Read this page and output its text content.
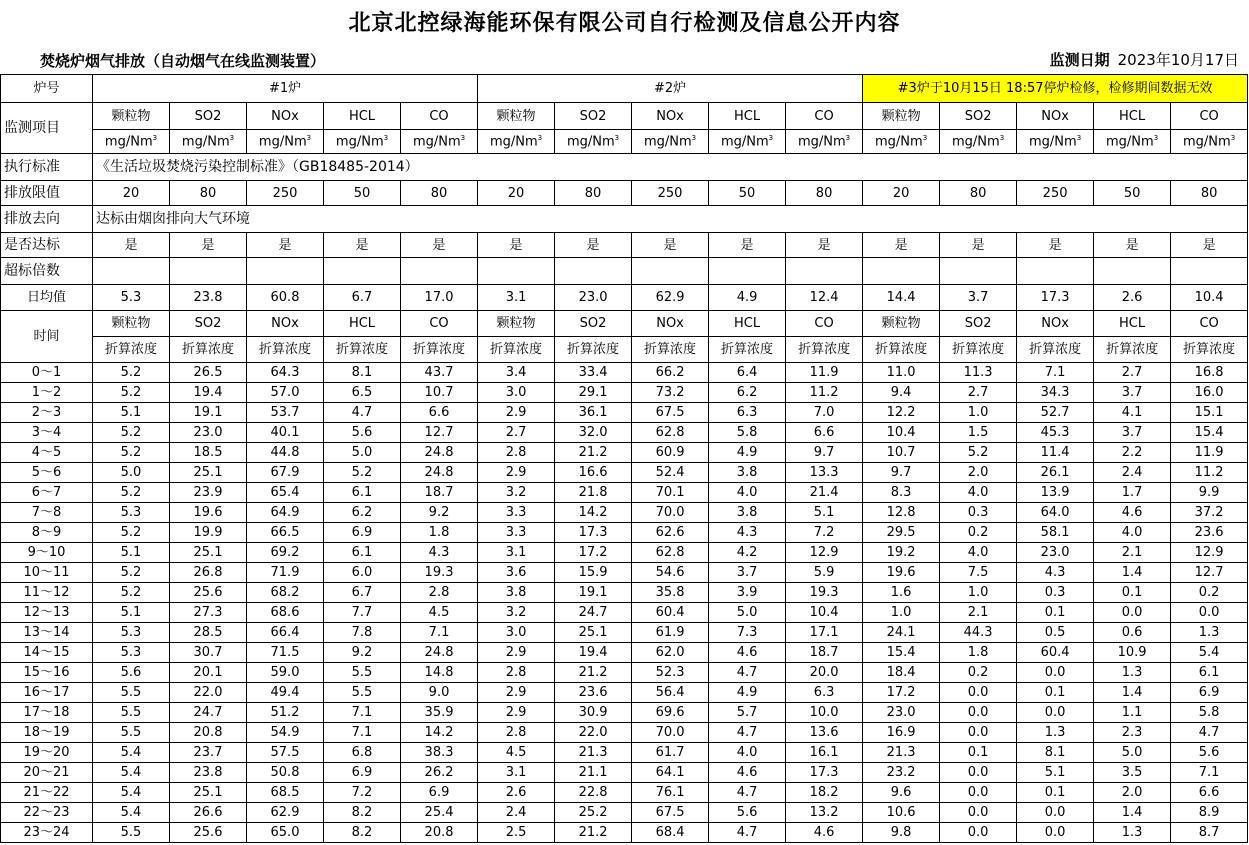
北京北控绿海能环保有限公司自行检测及信息公开内容
焚烧炉烟气排放（自动烟气在线监测装置）	监测日期 2023年10月17日
炉号	#1炉					#2炉					#3炉于10月15日 18:57停炉检修，检修期间数据无效				
监测项目	颗粒物	SO2	NOx	HCL	CO	颗粒物	SO2	NOx	HCL	CO	颗粒物	SO2	NOx	HCL	CO
	mg/Nm$^3$	mg/Nm$^3$	mg/Nm$^3$	mg/Nm$^3$	mg/Nm$^3$	mg/Nm$^3$	mg/Nm$^3$	mg/Nm$^3$	mg/Nm$^3$	mg/Nm$^3$	mg/Nm$^3$	mg/Nm$^3$	mg/Nm$^3$	mg/Nm$^3$	mg/Nm$^3$
执行标准	《生活垃圾焚烧污染控制标准》（GB18485-2014）														
排放限值	20	80	250	50	80	20	80	250	50	80	20	80	250	50	80
排放去向	达标由烟囱排向大气环境														
是否达标	是	是	是	是	是	是	是	是	是	是	是	是	是	是	是
超标倍数															
日均值	5.3	23.8	60.8	6.7	17.0	3.1	23.0	62.9	4.9	12.4	14.4	3.7	17.3	2.6	10.4
时间	颗粒物	SO2	NOx	HCL	CO	颗粒物	SO2	NOx	HCL	CO	颗粒物	SO2	NOx	HCL	CO
	折算浓度	折算浓度	折算浓度	折算浓度	折算浓度	折算浓度	折算浓度	折算浓度	折算浓度	折算浓度	折算浓度	折算浓度	折算浓度	折算浓度	折算浓度
0～1	5.2	26.5	64.3	8.1	43.7	3.4	33.4	66.2	6.4	11.9	11.0	11.3	7.1	2.7	16.8
1～2	5.2	19.4	57.0	6.5	10.7	3.0	29.1	73.2	6.2	11.2	9.4	2.7	34.3	3.7	16.0
2～3	5.1	19.1	53.7	4.7	6.6	2.9	36.1	67.5	6.3	7.0	12.2	1.0	52.7	4.1	15.1
3～4	5.2	23.0	40.1	5.6	12.7	2.7	32.0	62.8	5.8	6.6	10.4	1.5	45.3	3.7	15.4
4～5	5.2	18.5	44.8	5.0	24.8	2.8	21.2	60.9	4.9	9.7	10.7	5.2	11.4	2.2	11.9
5～6	5.0	25.1	67.9	5.2	24.8	2.9	16.6	52.4	3.8	13.3	9.7	2.0	26.1	2.4	11.2
6～7	5.2	23.9	65.4	6.1	18.7	3.2	21.8	70.1	4.0	21.4	8.3	4.0	13.9	1.7	9.9
7～8	5.3	19.6	64.9	6.2	9.2	3.3	14.2	70.0	3.8	5.1	12.8	0.3	64.0	4.6	37.2
8～9	5.2	19.9	66.5	6.9	1.8	3.3	17.3	62.6	4.3	7.2	29.5	0.2	58.1	4.0	23.6
9～10	5.1	25.1	69.2	6.1	4.3	3.1	17.2	62.8	4.2	12.9	19.2	4.0	23.0	2.1	12.9
10～11	5.2	26.8	71.9	6.0	19.3	3.6	15.9	54.6	3.7	5.9	19.6	7.5	4.3	1.4	12.7
11～12	5.2	25.6	68.2	6.7	2.8	3.8	19.1	35.8	3.9	19.3	1.6	1.0	0.3	0.1	0.2
12～13	5.1	27.3	68.6	7.7	4.5	3.2	24.7	60.4	5.0	10.4	1.0	2.1	0.1	0.0	0.0
13～14	5.3	28.5	66.4	7.8	7.1	3.0	25.1	61.9	7.3	17.1	24.1	44.3	0.5	0.6	1.3
14～15	5.3	30.7	71.5	9.2	24.8	2.9	19.4	62.0	4.6	18.7	15.4	1.8	60.4	10.9	5.4
15～16	5.6	20.1	59.0	5.5	14.8	2.8	21.2	52.3	4.7	20.0	18.4	0.2	0.0	1.3	6.1
16～17	5.5	22.0	49.4	5.5	9.0	2.9	23.6	56.4	4.9	6.3	17.2	0.0	0.1	1.4	6.9
17～18	5.5	24.7	51.2	7.1	35.9	2.9	30.9	69.6	5.7	10.0	23.0	0.0	0.0	1.1	5.8
18～19	5.5	20.8	54.9	7.1	14.2	2.8	22.0	70.0	4.7	13.6	16.9	0.0	1.3	2.3	4.7
19～20	5.4	23.7	57.5	6.8	38.3	4.5	21.3	61.7	4.0	16.1	21.3	0.1	8.1	5.0	5.6
20～21	5.4	23.8	50.8	6.9	26.2	3.1	21.1	64.1	4.6	17.3	23.2	0.0	5.1	3.5	7.1
21～22	5.4	25.1	68.5	7.2	6.9	2.6	22.8	76.1	4.7	18.2	9.6	0.0	0.1	2.0	6.6
22～23	5.4	26.6	62.9	8.2	25.4	2.4	25.2	67.5	5.6	13.2	10.6	0.0	0.0	1.4	8.9
23～24	5.5	25.6	65.0	8.2	20.8	2.5	21.2	68.4	4.7	4.6	9.8	0.0	0.0	1.3	8.7
